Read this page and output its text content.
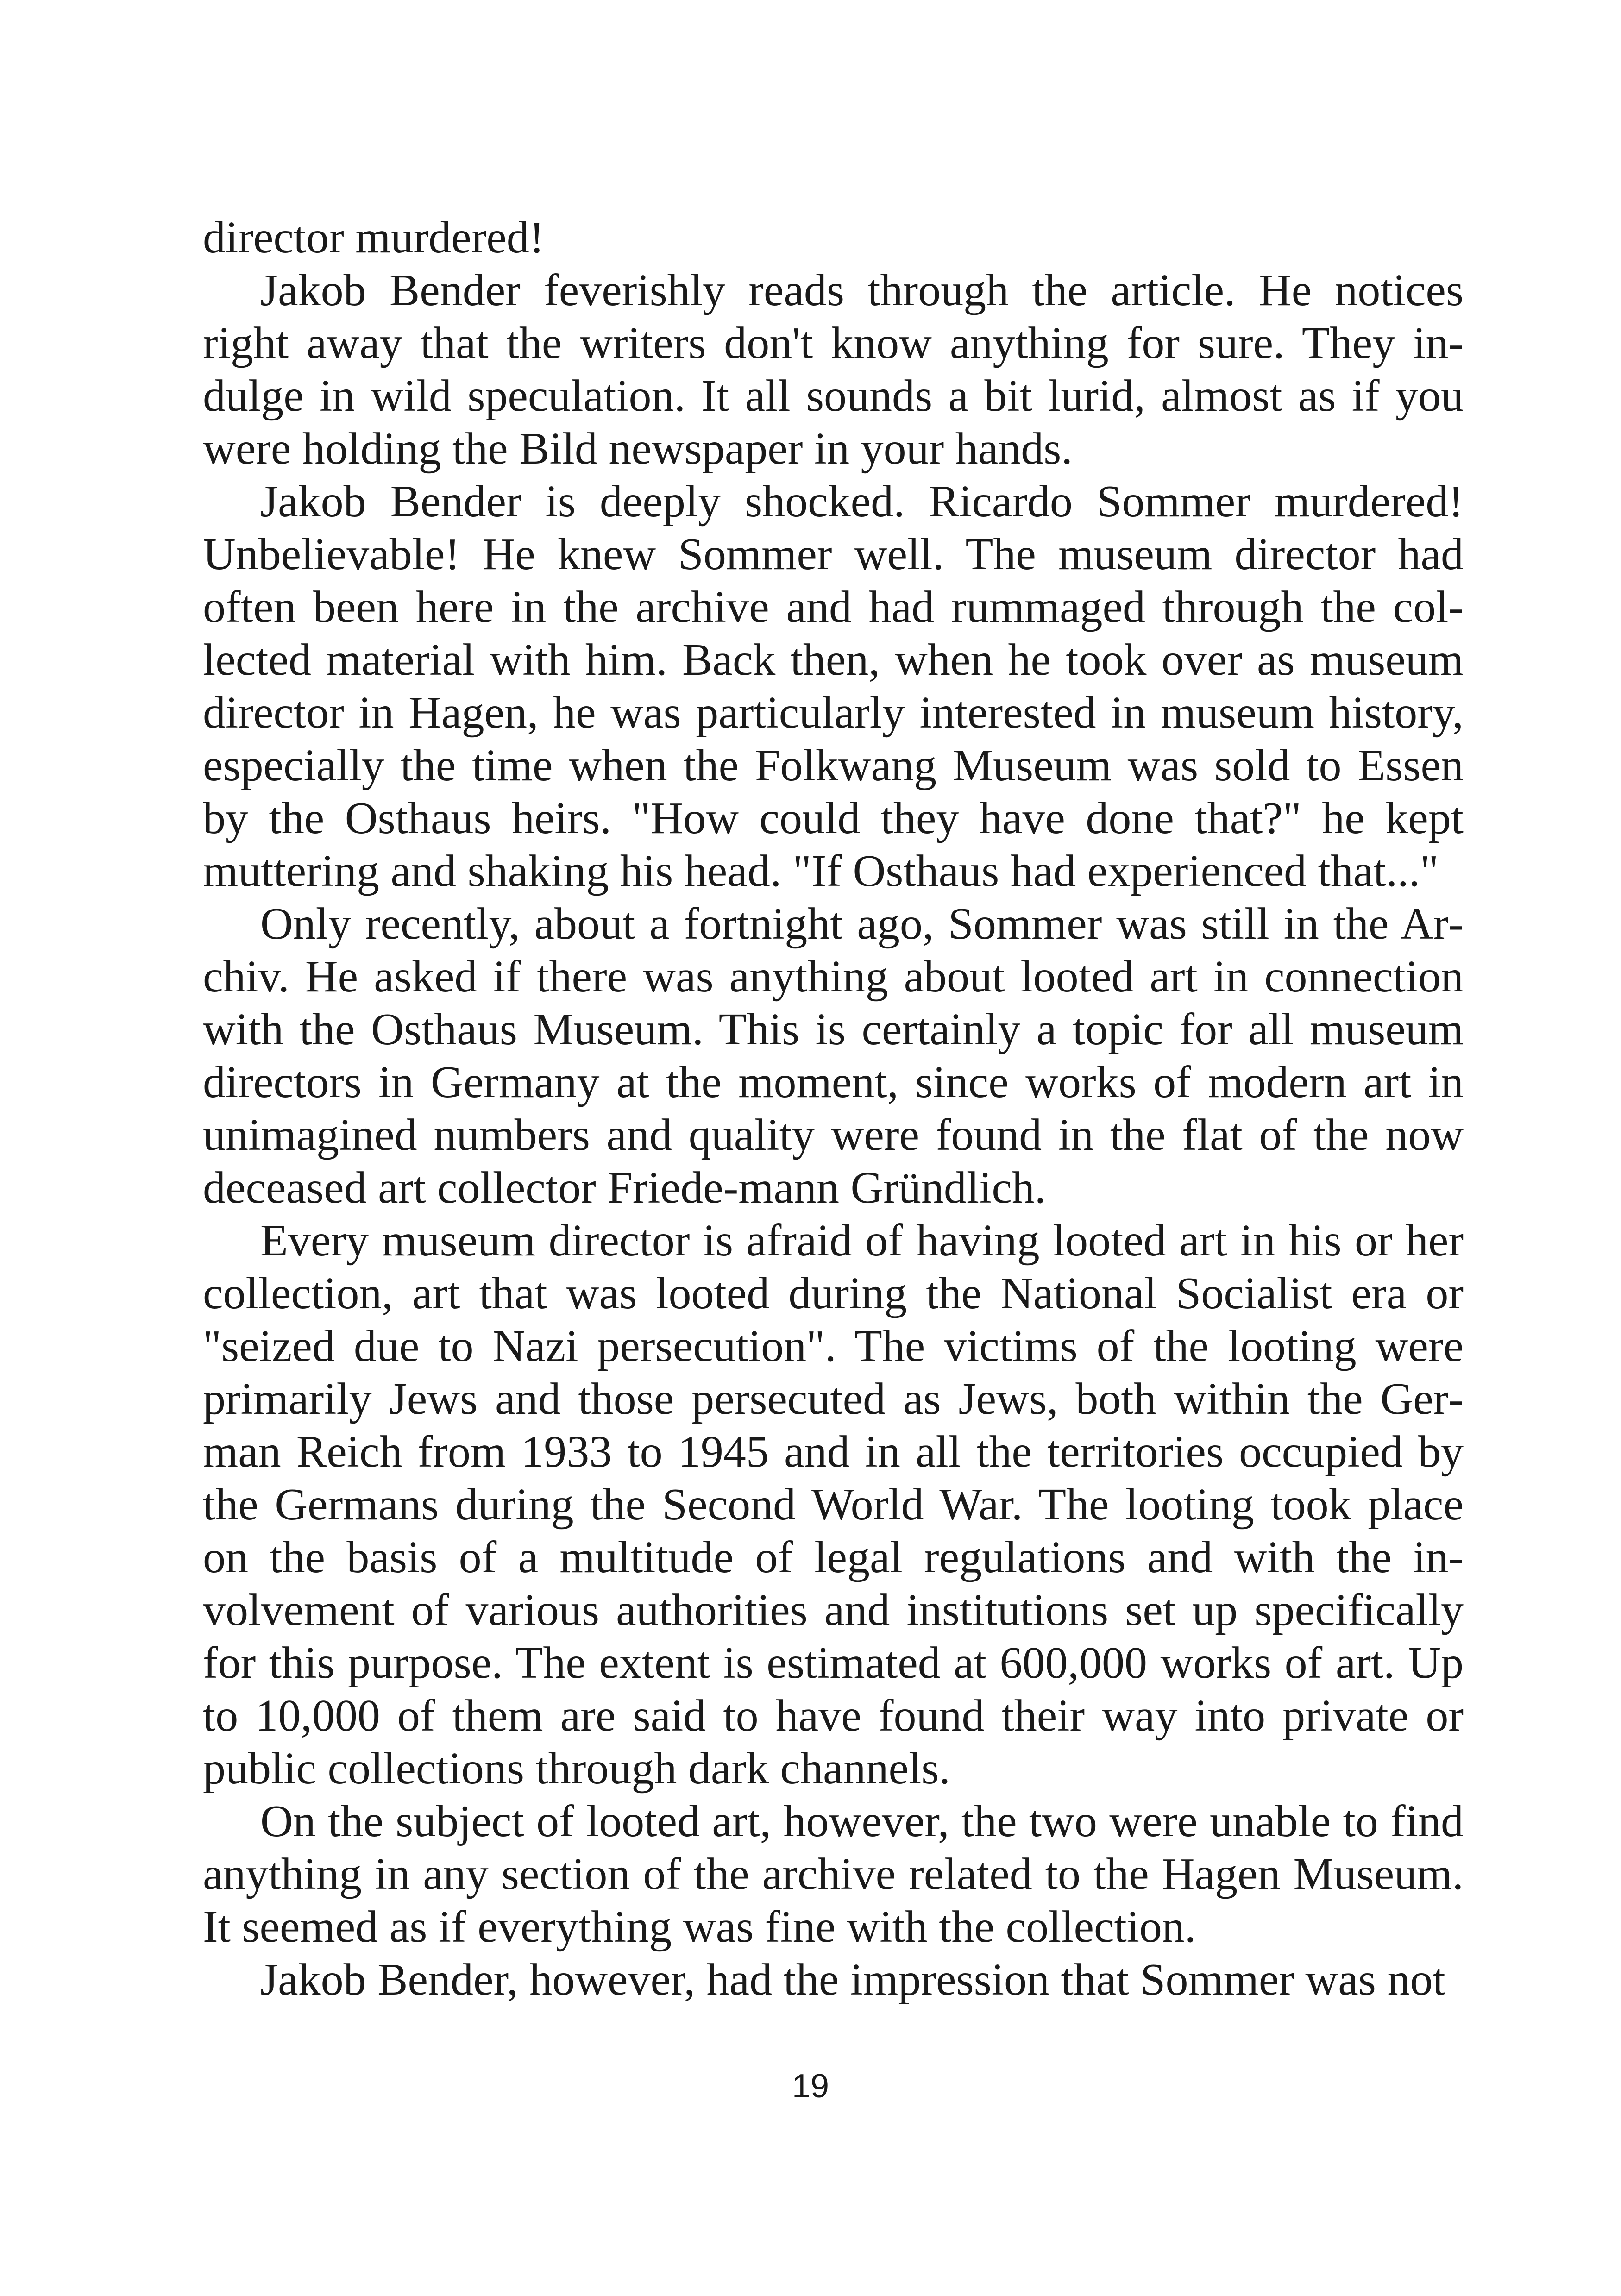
director murdered!

Jakob Bender feverishly reads through the article. He notices right away that the writers don't know anything for sure. They indulge in wild speculation. It all sounds a bit lurid, almost as if you were holding the Bild newspaper in your hands.

Jakob Bender is deeply shocked. Ricardo Sommer murdered! Unbelievable! He knew Sommer well. The museum director had often been here in the archive and had rummaged through the collected material with him. Back then, when he took over as museum director in Hagen, he was particularly interested in museum history, especially the time when the Folkwang Museum was sold to Essen by the Osthaus heirs. "How could they have done that?" he kept muttering and shaking his head. "If Osthaus had experienced that..."

Only recently, about a fortnight ago, Sommer was still in the Archiv. He asked if there was anything about looted art in connection with the Osthaus Museum. This is certainly a topic for all museum directors in Germany at the moment, since works of modern art in unimagined numbers and quality were found in the flat of the now deceased art collector Friede-mann Gründlich.

Every museum director is afraid of having looted art in his or her collection, art that was looted during the National Socialist era or "seized due to Nazi persecution". The victims of the looting were primarily Jews and those persecuted as Jews, both within the German Reich from 1933 to 1945 and in all the territories occupied by the Germans during the Second World War. The looting took place on the basis of a multitude of legal regulations and with the involvement of various authorities and institutions set up specifically for this purpose. The extent is estimated at 600,000 works of art. Up to 10,000 of them are said to have found their way into private or public collections through dark channels.

On the subject of looted art, however, the two were unable to find anything in any section of the archive related to the Hagen Museum. It seemed as if everything was fine with the collection.

Jakob Bender, however, had the impression that Sommer was not

19
